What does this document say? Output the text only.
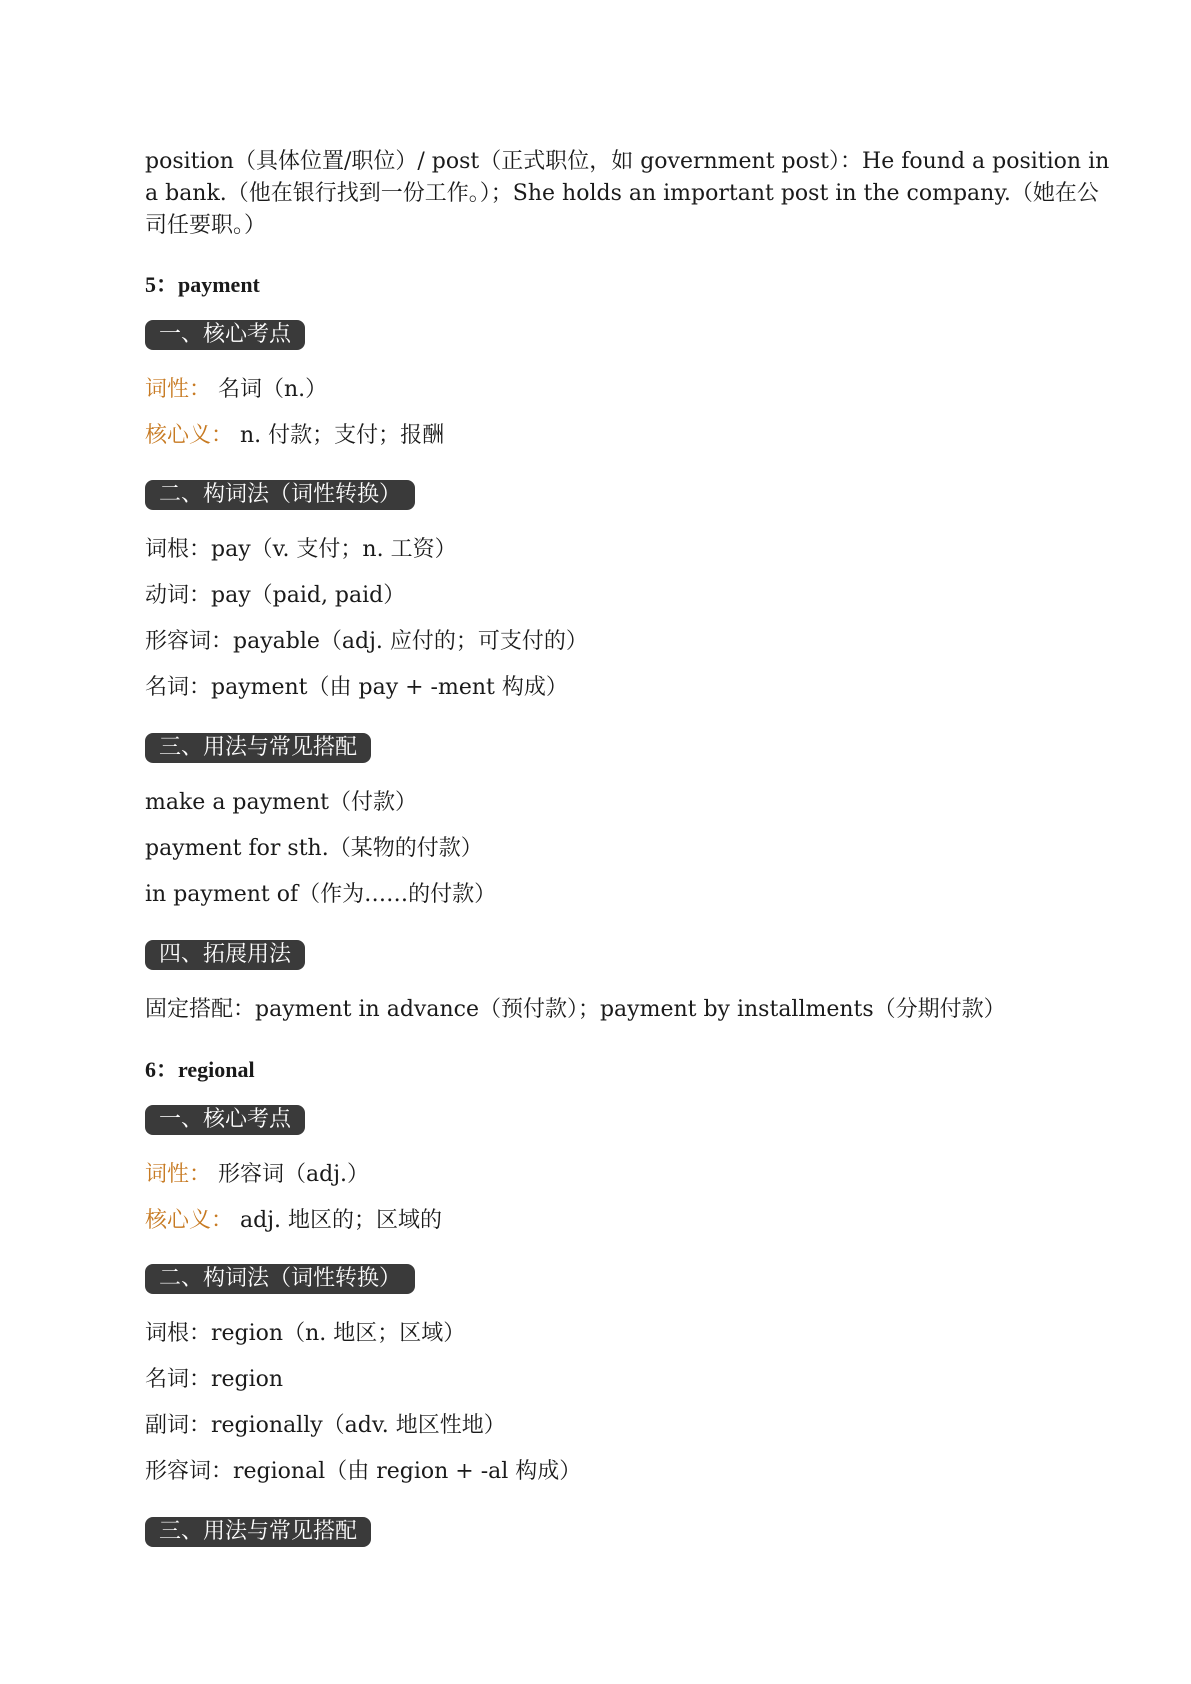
position（具体位置/职位）/ post（正式职位，如 government post）：He found a position in
a bank.（他在银行找到一份工作。）；She holds an important post in the company.（她在公
司任要职。）
5：payment
一、核心考点
词性： 名词（n.）
核心义： n. 付款；支付；报酬
二、构词法（词性转换）
词根：pay（v. 支付；n. 工资）
动词：pay（paid, paid）
形容词：payable（adj. 应付的；可支付的）
名词：payment（由 pay + -ment 构成）
三、用法与常见搭配
make a payment（付款）
payment for sth.（某物的付款）
in payment of（作为……的付款）
四、拓展用法
固定搭配：payment in advance（预付款）；payment by installments（分期付款）
6：regional
一、核心考点
词性： 形容词（adj.）
核心义： adj. 地区的；区域的
二、构词法（词性转换）
词根：region（n. 地区；区域）
名词：region
副词：regionally（adv. 地区性地）
形容词：regional（由 region + -al 构成）
三、用法与常见搭配
